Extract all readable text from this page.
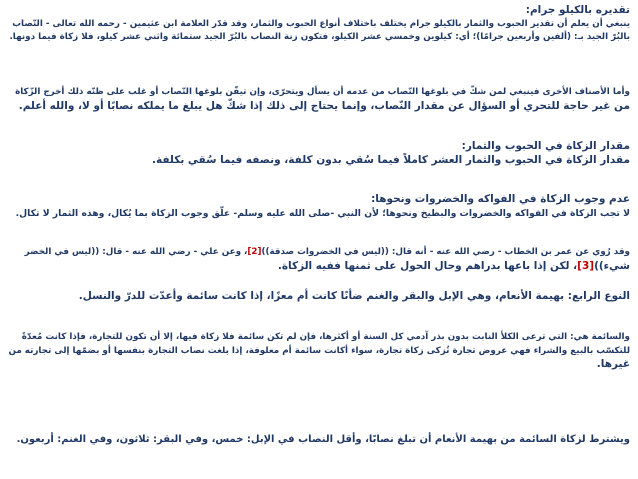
تقديره بالكيلو جرام:
ينبغي أن يعلم أن تقدير الحبوب والثمار بالكيلو جرام يختلف باختلاف أنواع الحبوب والثمار، وقد قدّر العلامة ابن عثيمين - رحمه الله تعالى - النّصاب
بالبُرّ الجيد بـ: (ألفين وأربعين جرامًا)؛ أي: كيلوين وخمسي عشر الكيلو، فتكون زنة النصاب بالبُرّ الجيد ستمائة واثني عشر كيلو، فلا زكاة فيما دونها.
وأما الأصناف الأخرى فينبغي لمن شكّ في بلوغها النّصاب من عدمه أن يسأل ويتحرّى، وإن تيقّن بلوغها النّصاب أو غلب على ظنّه ذلك أخرج الزّكاة
من غير حاجة للتحري أو السؤال عن مقدار النّصاب، وإنما يحتاج إلى ذلك إذا شكّ هل يبلغ ما يملكه نصابًا أو لا، والله أعلم.
مقدار الزكاة في الحبوب والثمار:
مقدار الزكاة في الحبوب والثمار العشر كاملاً فيما سُقي بدون كلفة، ونصفه فيما سُقي بكلفة.
عدم وجوب الزكاة في الفواكه والخضروات ونحوها:
لا تجب الزكاة في الفواكه والخضروات والبطيخ ونحوها؛ لأن النبي -صلى الله عليه وسلم- علّق وجوب الزكاة بما يُكال، وهذه الثمار لا تكال.
وقد رُوي عن عمر بن الخطاب - رضي الله عنه - أنه قال: ((ليس في الخضروات صدقة))[2]، وعن علي - رضي الله عنه - قال: ((ليس في الخضر
شيء))[3]، لكن إذا باعها بدراهم وحال الحول على ثمنها ففيه الزكاة.
النوع الرابع: بهيمة الأنعام، وهي الإبل والبقر والغنم ضأنًا كانت أم معزًا، إذا كانت سائمة وأعدّت للدرّ والنسل.
والسائمة هي: التي ترعى الكلأ النابت بدون بذر آدمي كل السنة أو أكثرها، فإن لم تكن سائمة فلا زكاة فيها، إلا أن تكون للتجارة، فإذا كانت مُعدّةً
للتكسّب بالبيع والشراء فهي عروض تجارة تُزكى زكاة تجارة، سواء أكانت سائمة أم معلوفة، إذا بلغت نصاب التجارة بنفسها أو بضمّها إلى تجارته من
غيرها.
ويشترط لزكاة السائمة من بهيمة الأنعام أن تبلغ نصابًا، وأقل النصاب في الإبل: خمس، وفي البقر: ثلاثون، وفي الغنم: أربعون.
